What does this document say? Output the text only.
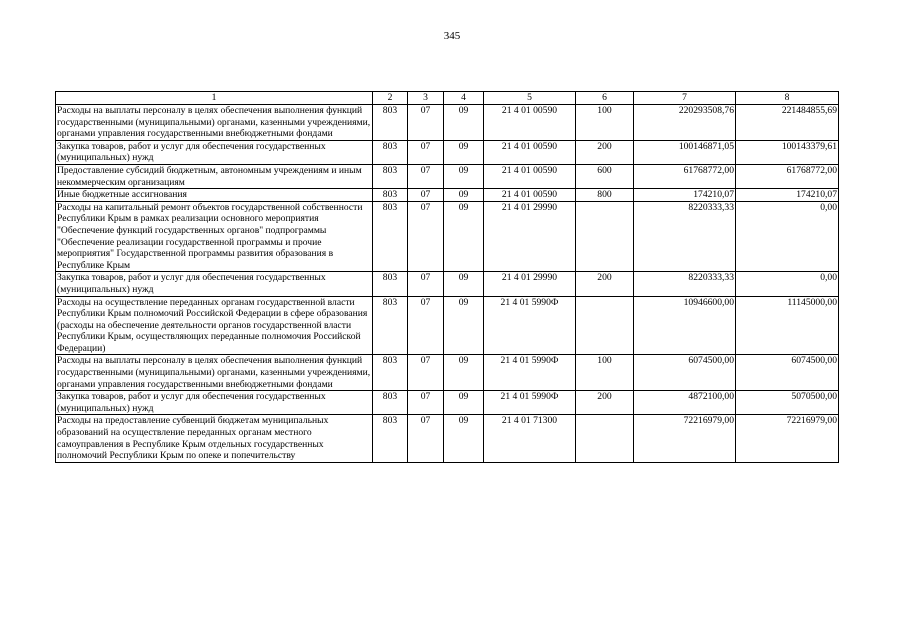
345
1	2	3	4	5	6	7	8
Расходы на выплаты персоналу в целях обеспечения выполнения функций государственными (муниципальными) органами, казенными учреждениями, органами управления государственными внебюджетными фондами	803	07	09	21 4 01 00590	100	220293508,76	221484855,69
Закупка товаров, работ и услуг для обеспечения государственных (муниципальных) нужд	803	07	09	21 4 01 00590	200	100146871,05	100143379,61
Предоставление субсидий бюджетным, автономным учреждениям и иным некоммерческим организациям	803	07	09	21 4 01 00590	600	61768772,00	61768772,00
Иные бюджетные ассигнования	803	07	09	21 4 01 00590	800	174210,07	174210,07
Расходы на капитальный ремонт объектов государственной собственности Республики Крым в рамках реализации основного мероприятия "Обеспечение функций государственных органов" подпрограммы "Обеспечение реализации государственной программы и прочие мероприятия" Государственной программы развития образования в Республике Крым	803	07	09	21 4 01 29990		8220333,33	0,00
Закупка товаров, работ и услуг для обеспечения государственных (муниципальных) нужд	803	07	09	21 4 01 29990	200	8220333,33	0,00
Расходы на осуществление переданных органам государственной власти Республики Крым полномочий Российской Федерации в сфере образования (расходы на обеспечение деятельности органов государственной власти Республики Крым, осуществляющих переданные полномочия Российской Федерации)	803	07	09	21 4 01 5990Ф		10946600,00	11145000,00
Расходы на выплаты персоналу в целях обеспечения выполнения функций государственными (муниципальными) органами, казенными учреждениями, органами управления государственными внебюджетными фондами	803	07	09	21 4 01 5990Ф	100	6074500,00	6074500,00
Закупка товаров, работ и услуг для обеспечения государственных (муниципальных) нужд	803	07	09	21 4 01 5990Ф	200	4872100,00	5070500,00
Расходы на предоставление субвенций бюджетам муниципальных образований на осуществление переданных органам местного самоуправления в Республике Крым отдельных государственных полномочий Республики Крым по опеке и попечительству	803	07	09	21 4 01 71300		72216979,00	72216979,00
